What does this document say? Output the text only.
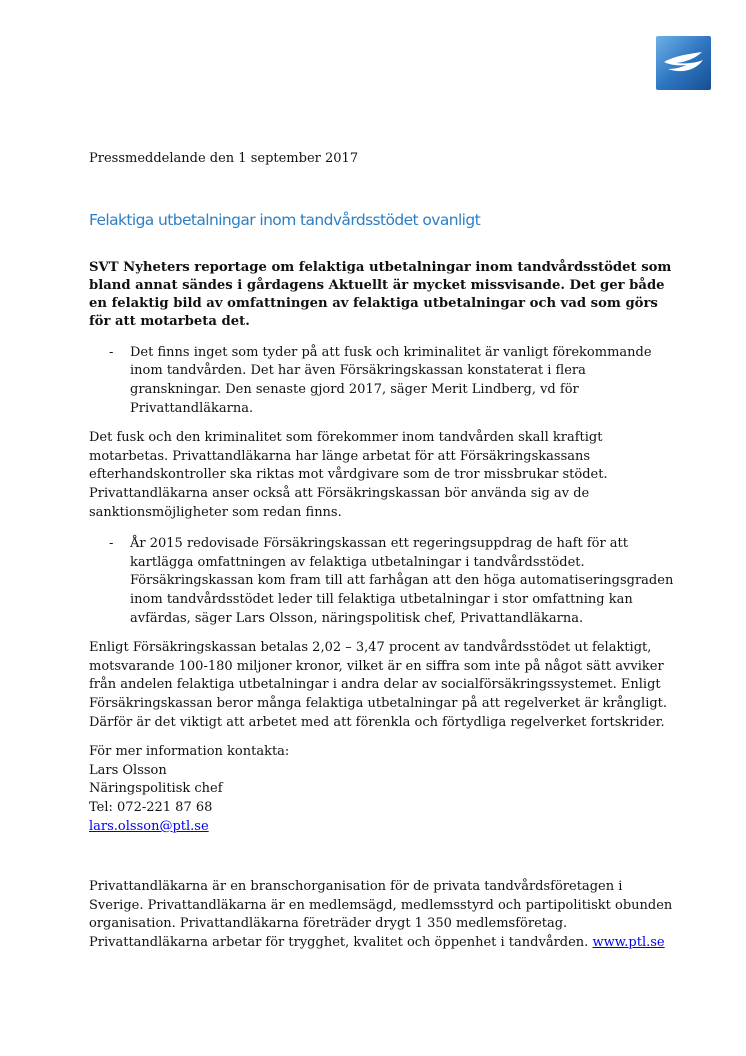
Pressmeddelande den 1 september 2017

Felaktiga utbetalningar inom tandvårdsstödet ovanligt

SVT Nyheters reportage om felaktiga utbetalningar inom tandvårdsstödet som bland annat sändes i gårdagens Aktuellt är mycket missvisande. Det ger både en felaktig bild av omfattningen av felaktiga utbetalningar och vad som görs för att motarbeta det.

- Det finns inget som tyder på att fusk och kriminalitet är vanligt förekommande inom tandvården. Det har även Försäkringskassan konstaterat i flera granskningar. Den senaste gjord 2017, säger Merit Lindberg, vd för Privattandläkarna.

Det fusk och den kriminalitet som förekommer inom tandvården skall kraftigt motarbetas. Privattandläkarna har länge arbetat för att Försäkringskassans efterhandskontroller ska riktas mot vårdgivare som de tror missbrukar stödet. Privattandläkarna anser också att Försäkringskassan bör använda sig av de sanktionsmöjligheter som redan finns.

- År 2015 redovisade Försäkringskassan ett regeringsuppdrag de haft för att kartlägga omfattningen av felaktiga utbetalningar i tandvårdsstödet. Försäkringskassan kom fram till att farhågan att den höga automatiseringsgraden inom tandvårdsstödet leder till felaktiga utbetalningar i stor omfattning kan avfärdas, säger Lars Olsson, näringspolitisk chef, Privattandläkarna.

Enligt Försäkringskassan betalas 2,02 – 3,47 procent av tandvårdsstödet ut felaktigt, motsvarande 100-180 miljoner kronor, vilket är en siffra som inte på något sätt avviker från andelen felaktiga utbetalningar i andra delar av socialförsäkringssystemet. Enligt Försäkringskassan beror många felaktiga utbetalningar på att regelverket är krångligt. Därför är det viktigt att arbetet med att förenkla och förtydliga regelverket fortskrider.

För mer information kontakta:
Lars Olsson
Näringspolitisk chef
Tel: 072-221 87 68
lars.olsson@ptl.se

Privattandläkarna är en branschorganisation för de privata tandvårdsföretagen i Sverige. Privattandläkarna är en medlemsägd, medlemsstyrd och partipolitiskt obunden organisation. Privattandläkarna företräder drygt 1 350 medlemsföretag. Privattandläkarna arbetar för trygghet, kvalitet och öppenhet i tandvården. www.ptl.se
